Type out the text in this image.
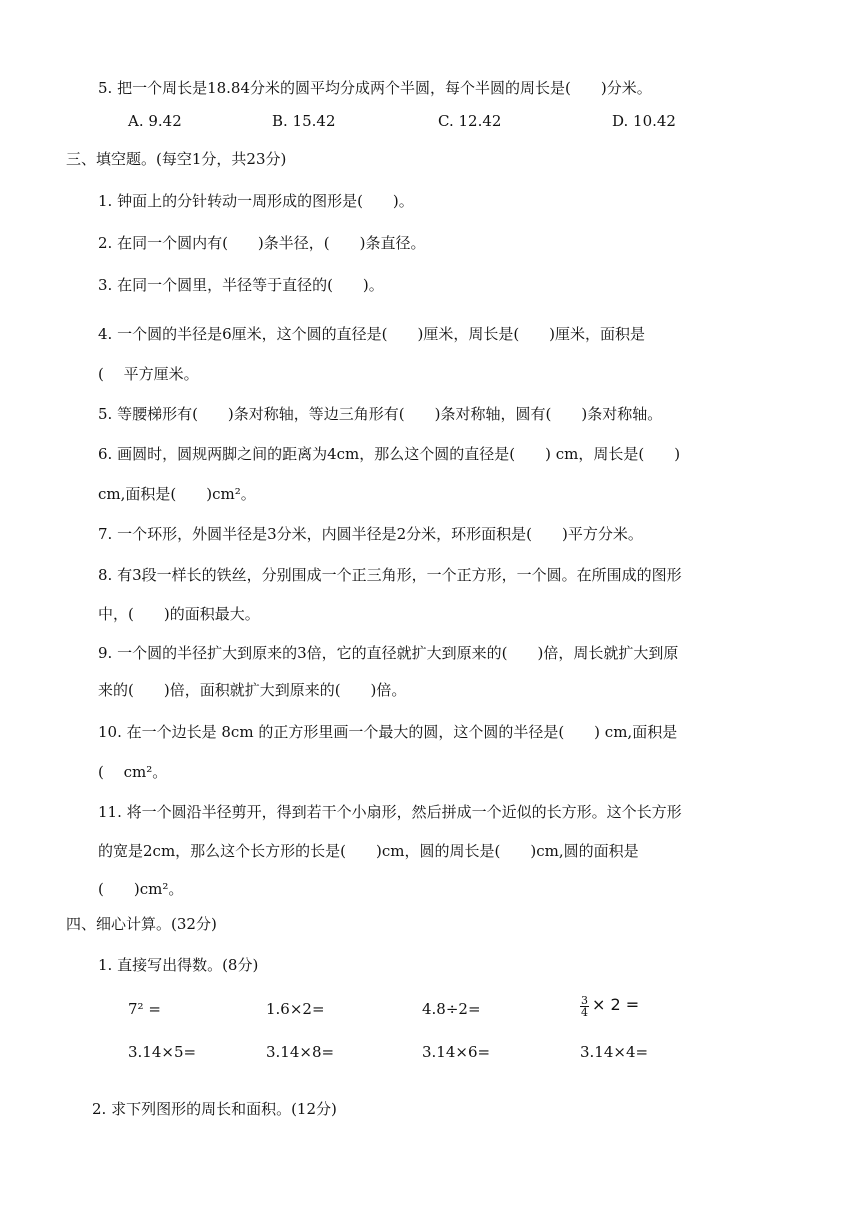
5. 把一个周长是18.84分米的圆平均分成两个半圆，每个半圆的周长是(　　)分米。
A. 9.42	B. 15.42	C. 12.42	D. 10.42
三、填空题。(每空1分，共23分)
1. 钟面上的分针转动一周形成的图形是(　　)。
2. 在同一个圆内有(　　)条半径，(　　)条直径。
3. 在同一个圆里，半径等于直径的(　　)。
4. 一个圆的半径是6厘米，这个圆的直径是(　　)厘米，周长是(　　)厘米，面积是
(　 平方厘米。
5. 等腰梯形有(　　)条对称轴，等边三角形有(　　)条对称轴，圆有(　　)条对称轴。
6. 画圆时，圆规两脚之间的距离为4cm，那么这个圆的直径是(　　) cm，周长是(　　)
cm,面积是(　　)cm²。
7. 一个环形，外圆半径是3分米，内圆半径是2分米，环形面积是(　　)平方分米。
8. 有3段一样长的铁丝，分别围成一个正三角形，一个正方形，一个圆。在所围成的图形
中，(　　)的面积最大。
9. 一个圆的半径扩大到原来的3倍，它的直径就扩大到原来的(　　)倍，周长就扩大到原
来的(　　)倍，面积就扩大到原来的(　　)倍。
10. 在一个边长是 8cm 的正方形里画一个最大的圆，这个圆的半径是(　　) cm,面积是
(　 cm²。
11. 将一个圆沿半径剪开，得到若干个小扇形，然后拼成一个近似的长方形。这个长方形
的宽是2cm，那么这个长方形的长是(　　)cm，圆的周长是(　　)cm,圆的面积是
(　　)cm²。
四、细心计算。(32分)
1. 直接写出得数。(8分)
7² =	1.6×2=	4.8÷2=	$\frac{3}{4} \times 2$ =
3.14×5=	3.14×8=	3.14×6=	3.14×4=
2. 求下列图形的周长和面积。(12分)
